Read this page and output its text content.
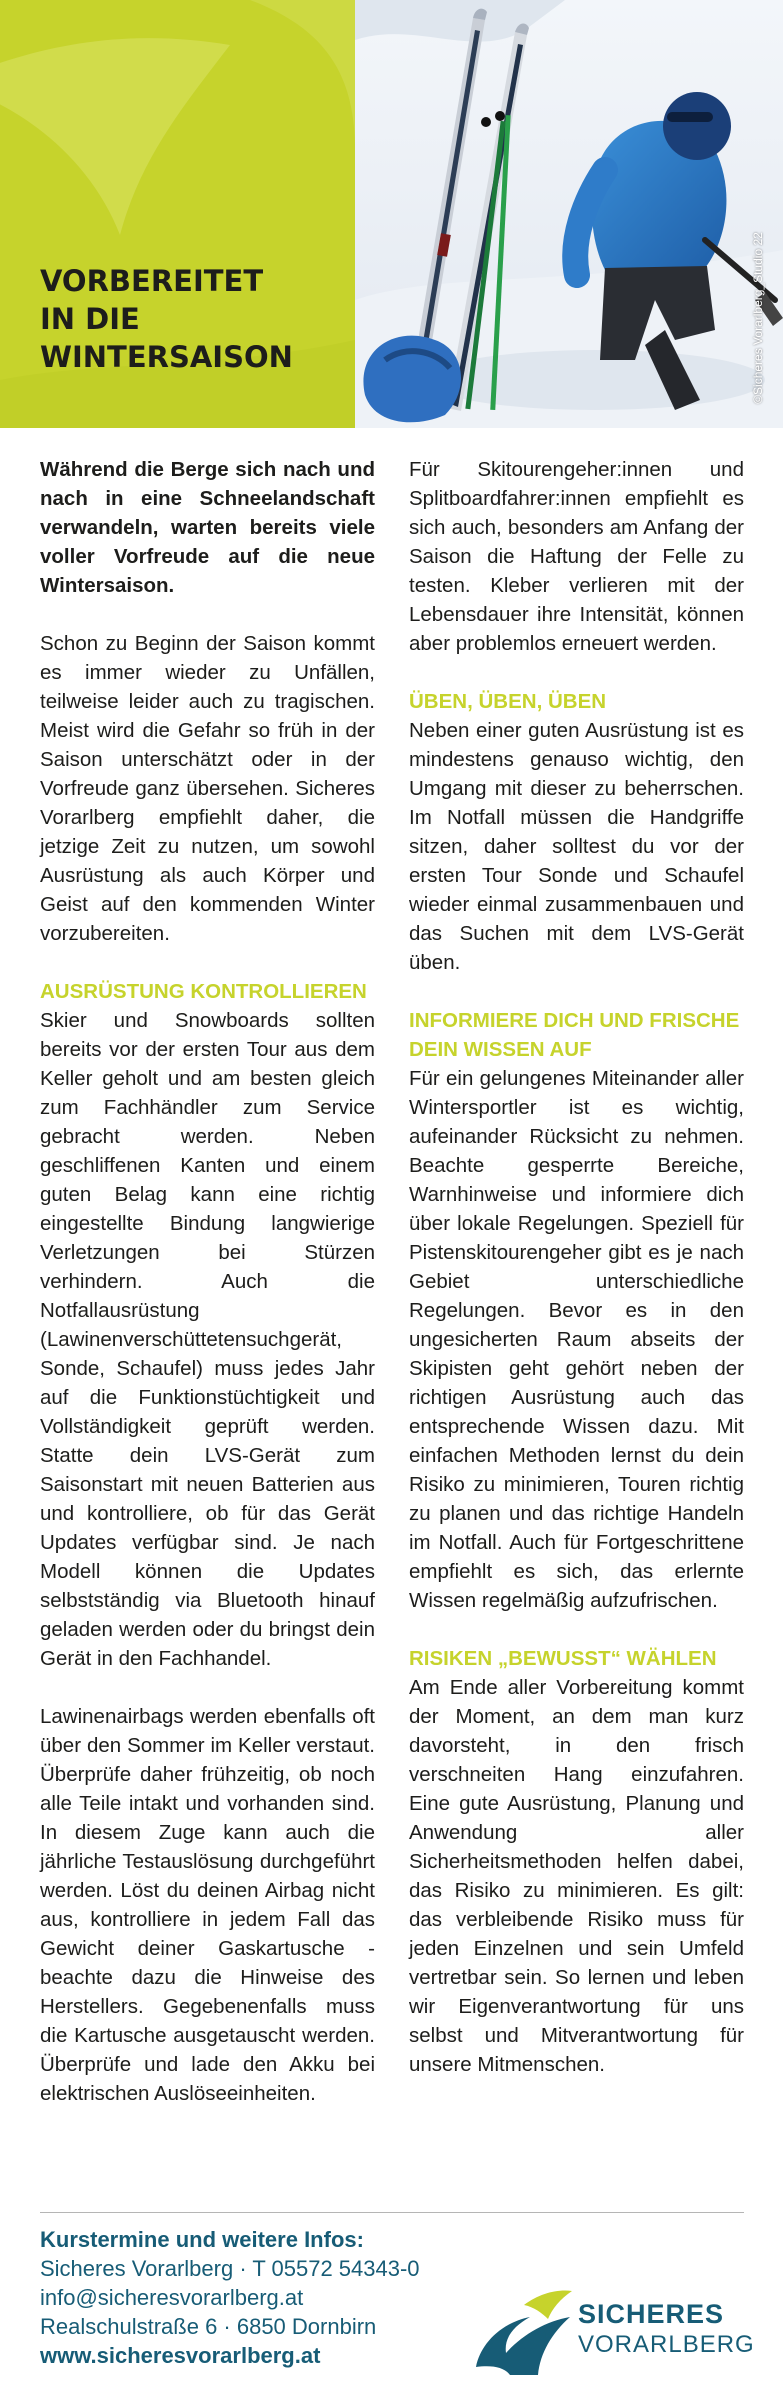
VORBEREITET
IN DIE
WINTERSAISON	©Sicheres Vorarlberg_Studio 22

Während die Berge sich nach und nach in eine Schneelandschaft verwandeln, warten bereits viele voller Vorfreude auf die neue Wintersaison.

Schon zu Beginn der Saison kommt es immer wieder zu Unfällen, teilweise leider auch zu tragischen. Meist wird die Gefahr so früh in der Saison unterschätzt oder in der Vorfreude ganz übersehen. Sicheres Vorarlberg empfiehlt daher, die jetzige Zeit zu nutzen, um sowohl Ausrüstung als auch Körper und Geist auf den kommenden Winter vorzubereiten.

AUSRÜSTUNG KONTROLLIEREN

Skier und Snowboards sollten bereits vor der ersten Tour aus dem Keller geholt und am besten gleich zum Fachhändler zum Service gebracht werden. Neben geschliffenen Kanten und einem guten Belag kann eine richtig eingestellte Bindung langwierige Verletzungen bei Stürzen verhindern. Auch die Notfallausrüstung (Lawinenverschüttetensuchgerät, Sonde, Schaufel) muss jedes Jahr auf die Funktionstüchtigkeit und Vollständigkeit geprüft werden. Statte dein LVS-Gerät zum Saisonstart mit neuen Batterien aus und kontrolliere, ob für das Gerät Updates verfügbar sind. Je nach Modell können die Updates selbstständig via Bluetooth hinauf geladen werden oder du bringst dein Gerät in den Fachhandel.

Lawinenairbags werden ebenfalls oft über den Sommer im Keller verstaut. Überprüfe daher frühzeitig, ob noch alle Teile intakt und vorhanden sind. In diesem Zuge kann auch die jährliche Testauslösung durchgeführt werden. Löst du deinen Airbag nicht aus, kontrolliere in jedem Fall das Gewicht deiner Gaskartusche - beachte dazu die Hinweise des Herstellers. Gegebenenfalls muss die Kartusche ausgetauscht werden. Überprüfe und lade den Akku bei elektrischen Auslöseeinheiten.

Für Skitourengeher:innen und Splitboardfahrer:innen empfiehlt es sich auch, besonders am Anfang der Saison die Haftung der Felle zu testen. Kleber verlieren mit der Lebensdauer ihre Intensität, können aber problemlos erneuert werden.

ÜBEN, ÜBEN, ÜBEN

Neben einer guten Ausrüstung ist es mindestens genauso wichtig, den Umgang mit dieser zu beherrschen. Im Notfall müssen die Handgriffe sitzen, daher solltest du vor der ersten Tour Sonde und Schaufel wieder einmal zusammenbauen und das Suchen mit dem LVS-Gerät üben.

INFORMIERE DICH UND FRISCHE DEIN WISSEN AUF

Für ein gelungenes Miteinander aller Wintersportler ist es wichtig, aufeinander Rücksicht zu nehmen. Beachte gesperrte Bereiche, Warnhinweise und informiere dich über lokale Regelungen. Speziell für Pistenskitourengeher gibt es je nach Gebiet unterschiedliche Regelungen. Bevor es in den ungesicherten Raum abseits der Skipisten geht gehört neben der richtigen Ausrüstung auch das entsprechende Wissen dazu. Mit einfachen Methoden lernst du dein Risiko zu minimieren, Touren richtig zu planen und das richtige Handeln im Notfall. Auch für Fortgeschrittene empfiehlt es sich, das erlernte Wissen regelmäßig aufzufrischen.

RISIKEN „BEWUSST“ WÄHLEN

Am Ende aller Vorbereitung kommt der Moment, an dem man kurz davorsteht, in den frisch verschneiten Hang einzufahren. Eine gute Ausrüstung, Planung und Anwendung aller Sicherheitsmethoden helfen dabei, das Risiko zu minimieren. Es gilt: das verbleibende Risiko muss für jeden Einzelnen und sein Umfeld vertretbar sein. So lernen und leben wir Eigenverantwortung für uns selbst und Mitverantwortung für unsere Mitmenschen.

Kurstermine und weitere Infos:
Sicheres Vorarlberg · T 05572 54343-0
info@sicheresvorarlberg.at
Realschulstraße 6 · 6850 Dornbirn
www.sicheresvorarlberg.at
SICHERES
VORARLBERG
